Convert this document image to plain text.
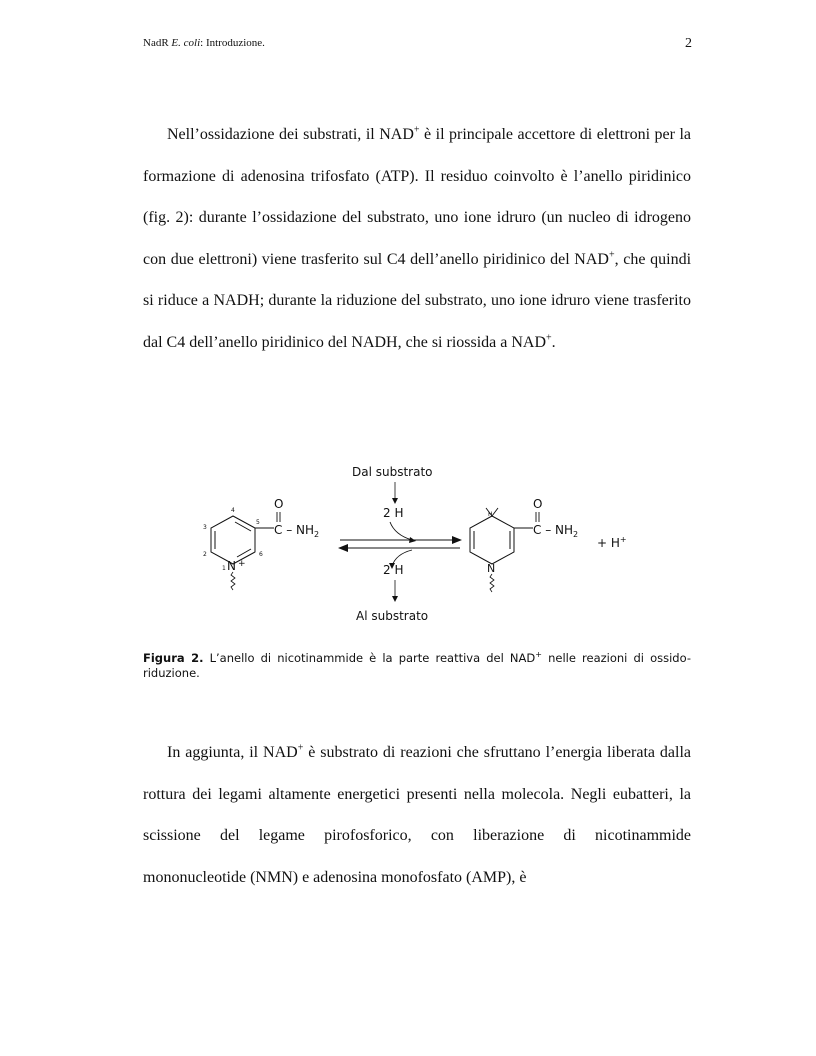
NadR E. coli: Introduzione.	2

Nell’ossidazione dei substrati, il NAD+ è il principale accettore di elettroni per la formazione di adenosina trifosfato (ATP). Il residuo coinvolto è l’anello piridinico (fig. 2): durante l’ossidazione del substrato, uno ione idruro (un nucleo di idrogeno con due elettroni) viene trasferito sul C4 dell’anello piridinico del NAD+, che quindi si riduce a NADH; durante la riduzione del substrato, uno ione idruro viene trasferito dal C4 dell’anello piridinico del NADH, che si riossida a NAD+.

Dal substrato
2 H
2 H
Al substrato
O
C – $NH_2$
N +
1
2
3
4
5
6
H
O
C – $NH_2$
N
+ H+

Figura 2. L’anello di nicotinammide è la parte reattiva del NAD+ nelle reazioni di ossido-riduzione.

In aggiunta, il NAD+ è substrato di reazioni che sfruttano l’energia liberata dalla rottura dei legami altamente energetici presenti nella molecola. Negli eubatteri, la scissione del legame pirofosforico, con liberazione di nicotinammide mononucleotide (NMN) e adenosina monofosfato (AMP), è
